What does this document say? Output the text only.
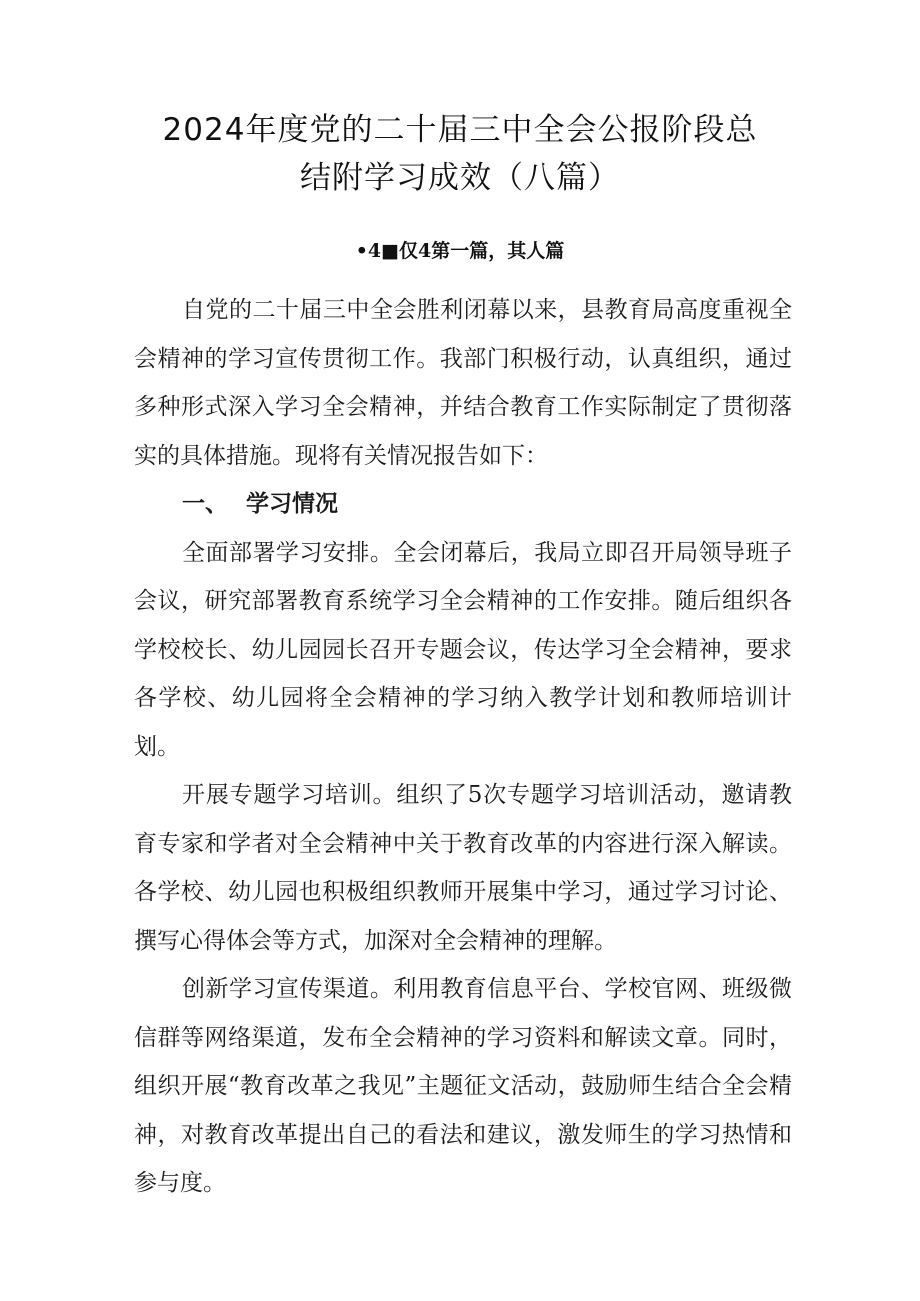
2024年度党的二十届三中全会公报阶段总
结附学习成效（八篇）
•4■仅4第一篇，其人篇

自党的二十届三中全会胜利闭幕以来，县教育局高度重视全会精神的学习宣传贯彻工作。我部门积极行动，认真组织，通过多种形式深入学习全会精神，并结合教育工作实际制定了贯彻落实的具体措施。现将有关情况报告如下：

一、 学习情况

全面部署学习安排。全会闭幕后，我局立即召开局领导班子会议，研究部署教育系统学习全会精神的工作安排。随后组织各学校校长、幼儿园园长召开专题会议，传达学习全会精神，要求各学校、幼儿园将全会精神的学习纳入教学计划和教师培训计划。

开展专题学习培训。组织了5次专题学习培训活动，邀请教育专家和学者对全会精神中关于教育改革的内容进行深入解读。各学校、幼儿园也积极组织教师开展集中学习，通过学习讨论、撰写心得体会等方式，加深对全会精神的理解。

创新学习宣传渠道。利用教育信息平台、学校官网、班级微信群等网络渠道，发布全会精神的学习资料和解读文章。同时，组织开展“教育改革之我见”主题征文活动，鼓励师生结合全会精神，对教育改革提出自己的看法和建议，激发师生的学习热情和参与度。
